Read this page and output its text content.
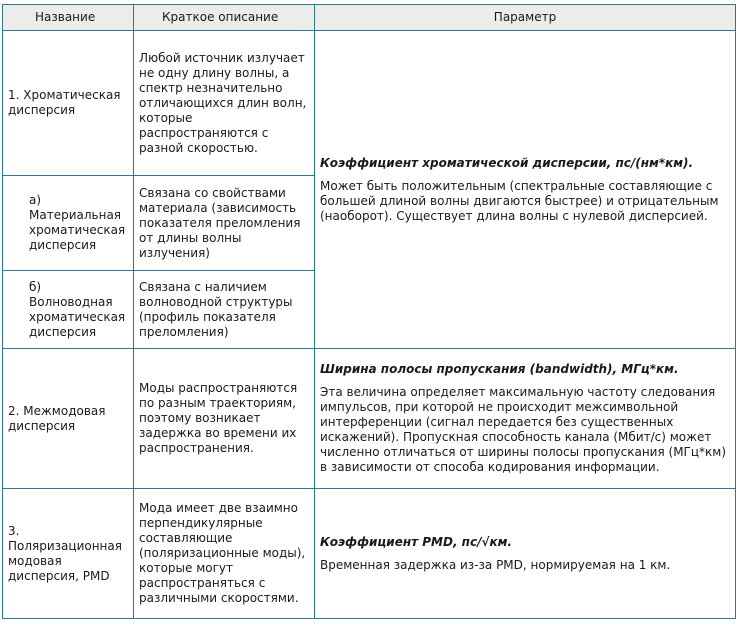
Название	Краткое описание	Параметр
1. Хроматическая дисперсия	Любой источник излучает не одну длину волны, а спектр незначительно отличающихся длин волн, которые распространяются с разной скоростью.	Коэффициент хроматической дисперсии, пс/(нм*км).
Может быть положительным (спектральные составляющие с большей длиной волны двигаются быстрее) и отрицательным (наоборот). Существует длина волны с нулевой дисперсией.

а) Материальная хроматическая дисперсия	Связана со свойствами материала (зависимость показателя преломления от длины волны излучения)	
б) Волноводная хроматическая дисперсия	Связана с наличием волноводной структуры (профиль показателя преломления)	
2. Межмодовая дисперсия	Моды распространяются по разным траекториям, поэтому возникает задержка во времени их распространения.	Ширина полосы пропускания (bandwidth), МГц*км.
Эта величина определяет максимальную частоту следования импульсов, при которой не происходит межсимвольной интерференции (сигнал передается без существенных искажений). Пропускная способность канала (Мбит/с) может численно отличаться от ширины полосы пропускания (МГц*км) в зависимости от способа кодирования информации.

3. Поляризационная модовая дисперсия, PMD	Мода имеет две взаимно перпендикулярные составляющие (поляризационные моды), которые могут распространяться с различными скоростями.	Коэффициент PMD, пс/√км.
Временная задержка из-за PMD, нормируемая на 1 км.
